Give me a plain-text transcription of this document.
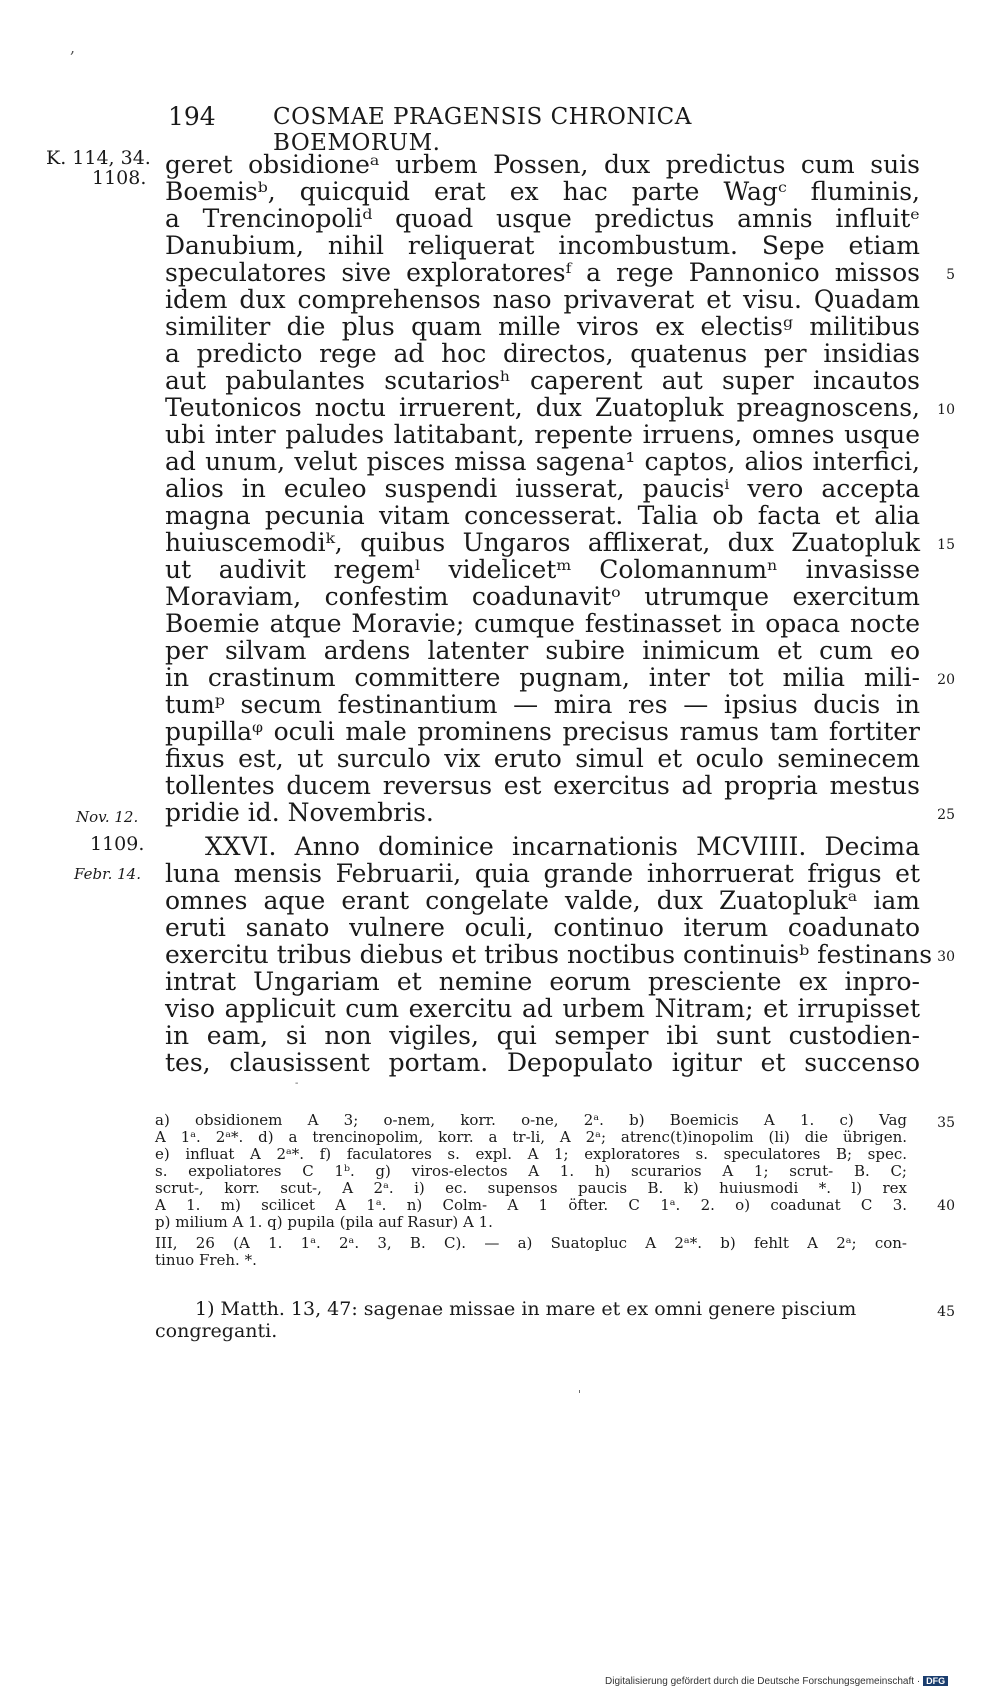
,
194 COSMAE PRAGENSIS CHRONICA BOEMORUM.
K. 114, 34.
1108.
Nov. 12.
1109.
Febr. 14.
geret obsidioneᵃ urbem Possen, dux predictus cum suis
Boemisᵇ, quicquid erat ex hac parte Wagᶜ fluminis,
a Trencinopoliᵈ quoad usque predictus amnis influitᵉ
Danubium, nihil reliquerat incombustum. Sepe etiam
speculatores sive exploratoresᶠ a rege Pannonico missos
idem dux comprehensos naso privaverat et visu. Quadam
similiter die plus quam mille viros ex electisᵍ militibus
a predicto rege ad hoc directos, quatenus per insidias
aut pabulantes scutariosʰ caperent aut super incautos
Teutonicos noctu irruerent, dux Zuatopluk preagnoscens,
ubi inter paludes latitabant, repente irruens, omnes usque
ad unum, velut pisces missa sagena¹ captos, alios interfici,
alios in eculeo suspendi iusserat, paucisⁱ vero accepta
magna pecunia vitam concesserat. Talia ob facta et alia
huiuscemodiᵏ, quibus Ungaros afflixerat, dux Zuatopluk
ut audivit regemˡ videlicetᵐ Colomannumⁿ invasisse
Moraviam, confestim coadunavitᵒ utrumque exercitum
Boemie atque Moravie; cumque festinasset in opaca nocte
per silvam ardens latenter subire inimicum et cum eo
in crastinum committere pugnam, inter tot milia mili-
tumᵖ secum festinantium — mira res — ipsius ducis in
pupillaᵠ oculi male prominens precisus ramus tam fortiter
fixus est, ut surculo vix eruto simul et oculo seminecem
tollentes ducem reversus est exercitus ad propria mestus
pridie id. Novembris.
XXVI. Anno dominice incarnationis MCVIIII. Decima
luna mensis Februarii, quia grande inhorruerat frigus et
omnes aque erant congelate valde, dux Zuatoplukᵃ iam
eruti sanato vulnere oculi, continuo iterum coadunato
exercitu tribus diebus et tribus noctibus continuisᵇ festinans
intrat Ungariam et nemine eorum presciente ex inpro-
viso applicuit cum exercitu ad urbem Nitram; et irrupisset
in eam, si non vigiles, qui semper ibi sunt custodien-
tes, clausissent portam. Depopulato igitur et succenso
5
10
15
20
25
30
-
a) obsidionem A 3; o-nem, korr. o-ne, 2ᵃ. b) Boemicis A 1. c) Vag
A 1ᵃ. 2ᵃ*. d) a trencinopolim, korr. a tr-li, A 2ᵃ; atrenc(t)inopolim (li) die übrigen.
e) influat A 2ᵃ*. f) faculatores s. expl. A 1; exploratores s. speculatores B; spec.
s. expoliatores C 1ᵇ. g) viros-electos A 1. h) scurarios A 1; scrut- B. C;
scrut-, korr. scut-, A 2ᵃ. i) ec. supensos paucis B. k) huiusmodi *. l) rex
A 1. m) scilicet A 1ᵃ. n) Colm- A 1 öfter. C 1ᵃ. 2. o) coadunat C 3.
p) milium A 1. q) pupila (pila auf Rasur) A 1.
III, 26 (A 1. 1ᵃ. 2ᵃ. 3, B. C). — a) Suatopluc A 2ᵃ*. b) fehlt A 2ᵃ; con-
tinuo Freh. *.
35
40
1) Matth. 13, 47: sagenae missae in mare et ex omni genere piscium congreganti.
45
'
Digitalisierung gefördert durch die Deutsche Forschungsgemeinschaft · DFG
